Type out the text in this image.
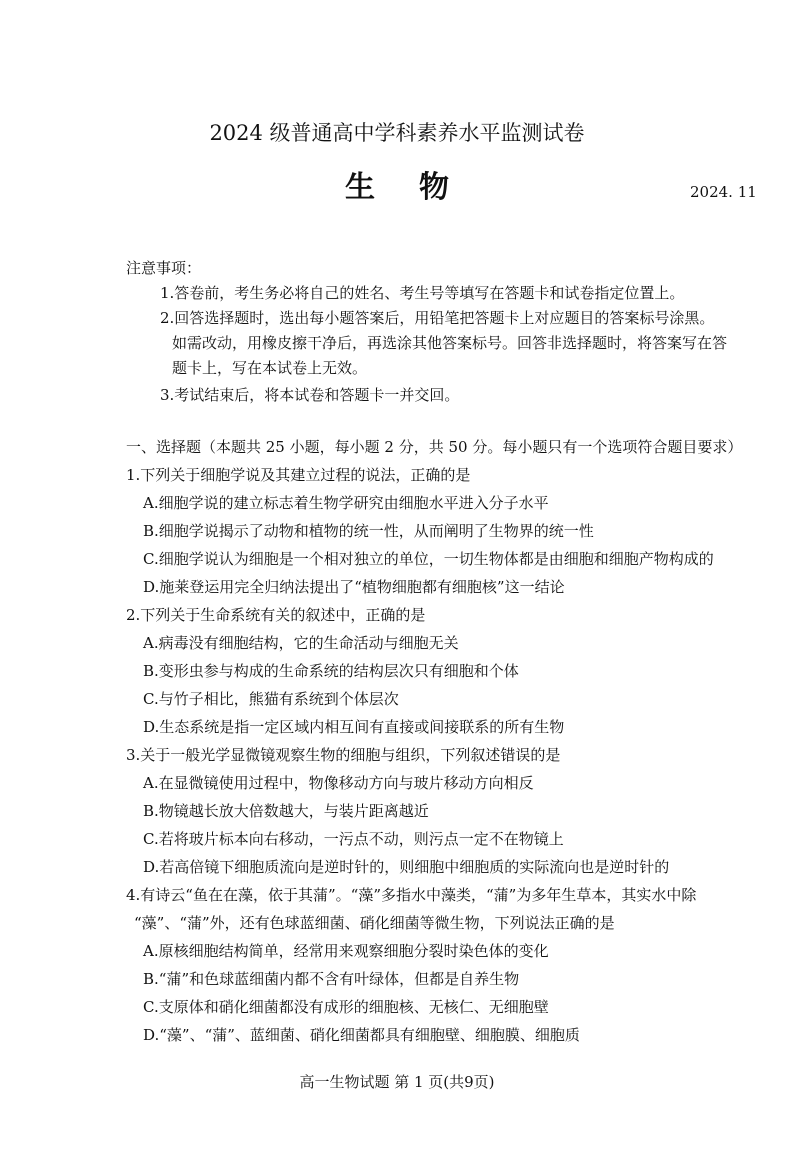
2024 级普通高中学科素养水平监测试卷
生物	2024. 11
注意事项：
1.答卷前，考生务必将自己的姓名、考生号等填写在答题卡和试卷指定位置上。
2.回答选择题时，选出每小题答案后，用铅笔把答题卡上对应题目的答案标号涂黑。
如需改动，用橡皮擦干净后，再选涂其他答案标号。回答非选择题时，将答案写在答
题卡上，写在本试卷上无效。
3.考试结束后，将本试卷和答题卡一并交回。
一、选择题（本题共 25 小题，每小题 2 分，共 50 分。每小题只有一个选项符合题目要求）
1.下列关于细胞学说及其建立过程的说法，正确的是
A.细胞学说的建立标志着生物学研究由细胞水平进入分子水平
B.细胞学说揭示了动物和植物的统一性，从而阐明了生物界的统一性
C.细胞学说认为细胞是一个相对独立的单位，一切生物体都是由细胞和细胞产物构成的
D.施莱登运用完全归纳法提出了“植物细胞都有细胞核”这一结论
2.下列关于生命系统有关的叙述中，正确的是
A.病毒没有细胞结构，它的生命活动与细胞无关
B.变形虫参与构成的生命系统的结构层次只有细胞和个体
C.与竹子相比，熊猫有系统到个体层次
D.生态系统是指一定区域内相互间有直接或间接联系的所有生物
3.关于一般光学显微镜观察生物的细胞与组织，下列叙述错误的是
A.在显微镜使用过程中，物像移动方向与玻片移动方向相反
B.物镜越长放大倍数越大，与装片距离越近
C.若将玻片标本向右移动，一污点不动，则污点一定不在物镜上
D.若高倍镜下细胞质流向是逆时针的，则细胞中细胞质的实际流向也是逆时针的
4.有诗云“鱼在在藻，依于其蒲”。“藻”多指水中藻类，“蒲”为多年生草本，其实水中除
“藻”、“蒲”外，还有色球蓝细菌、硝化细菌等微生物，下列说法正确的是
A.原核细胞结构简单，经常用来观察细胞分裂时染色体的变化
B.“蒲”和色球蓝细菌内都不含有叶绿体，但都是自养生物
C.支原体和硝化细菌都没有成形的细胞核、无核仁、无细胞壁
D.“藻”、“蒲”、蓝细菌、硝化细菌都具有细胞壁、细胞膜、细胞质
高一生物试题 第 1 页(共9页)
